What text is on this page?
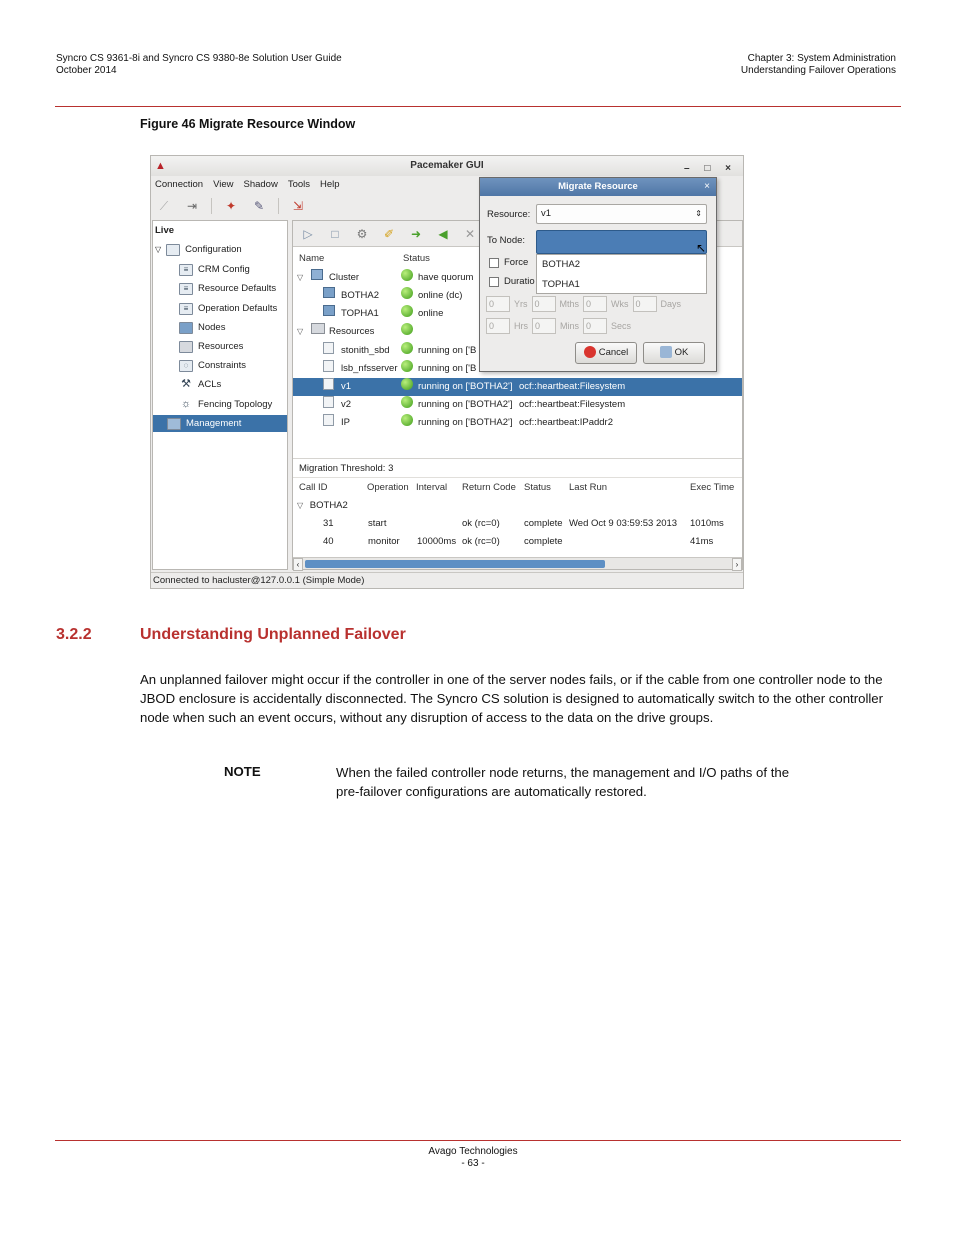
Syncro CS 9361-8i and Syncro CS 9380-8e Solution User Guide
October 2014
Chapter 3: System Administration
Understanding Failover Operations
Figure 46 Migrate Resource Window
▲	Pacemaker GUI	– □ ×
Connection View Shadow Tools Help
⟋	⇥	✦	✎	⇲
Live
▽	Configuration
≡	CRM Config
≡	Resource Defaults
≡	Operation Defaults
Nodes
Resources
◌	Constraints
⚒ ACLs
☼ Fencing Topology
Management
▷	□	⚙	✐	➜	◀	✕
Name	Status
▽	Cluster	have quorum
BOTHA2	online (dc)
TOPHA1	online
▽	Resources
stonith_sbd	running on ['B
lsb_nfsserver running on ['B
v1	running on ['BOTHA2'] ocf::heartbeat:Filesystem
v2	running on ['BOTHA2'] ocf::heartbeat:Filesystem
IP	running on ['BOTHA2'] ocf::heartbeat:IPaddr2
Migration Threshold: 3
Call ID	Operation Interval Return Code Status Last Run	Exec Time
▽ BOTHA2
31	start	ok (rc=0)	complete Wed Oct 9 03:59:53 2013 1010ms
40	monitor 10000ms ok (rc=0)	complete	41ms
‹	›
Connected to hacluster@127.0.0.1 (Simple Mode)
Migrate Resource	×
Resource:	v1	⇕
To Node:
BOTHA2
TOPHA1
Force
Duratio
0	Yrs 0	Mths 0	Wks 0	Days
0	Hrs 0	Mins 0	Secs
Cancel	OK
↖
3.2.2	Understanding Unplanned Failover
An unplanned failover might occur if the controller in one of the server nodes fails, or if the cable from one controller node to the JBOD enclosure is accidentally disconnected. The Syncro CS solution is designed to automatically switch to the other controller node when such an event occurs, without any disruption of access to the data on the drive groups.
NOTE	When the failed controller node returns, the management and I/O paths of the pre-failover configurations are automatically restored.
Avago Technologies
- 63 -
